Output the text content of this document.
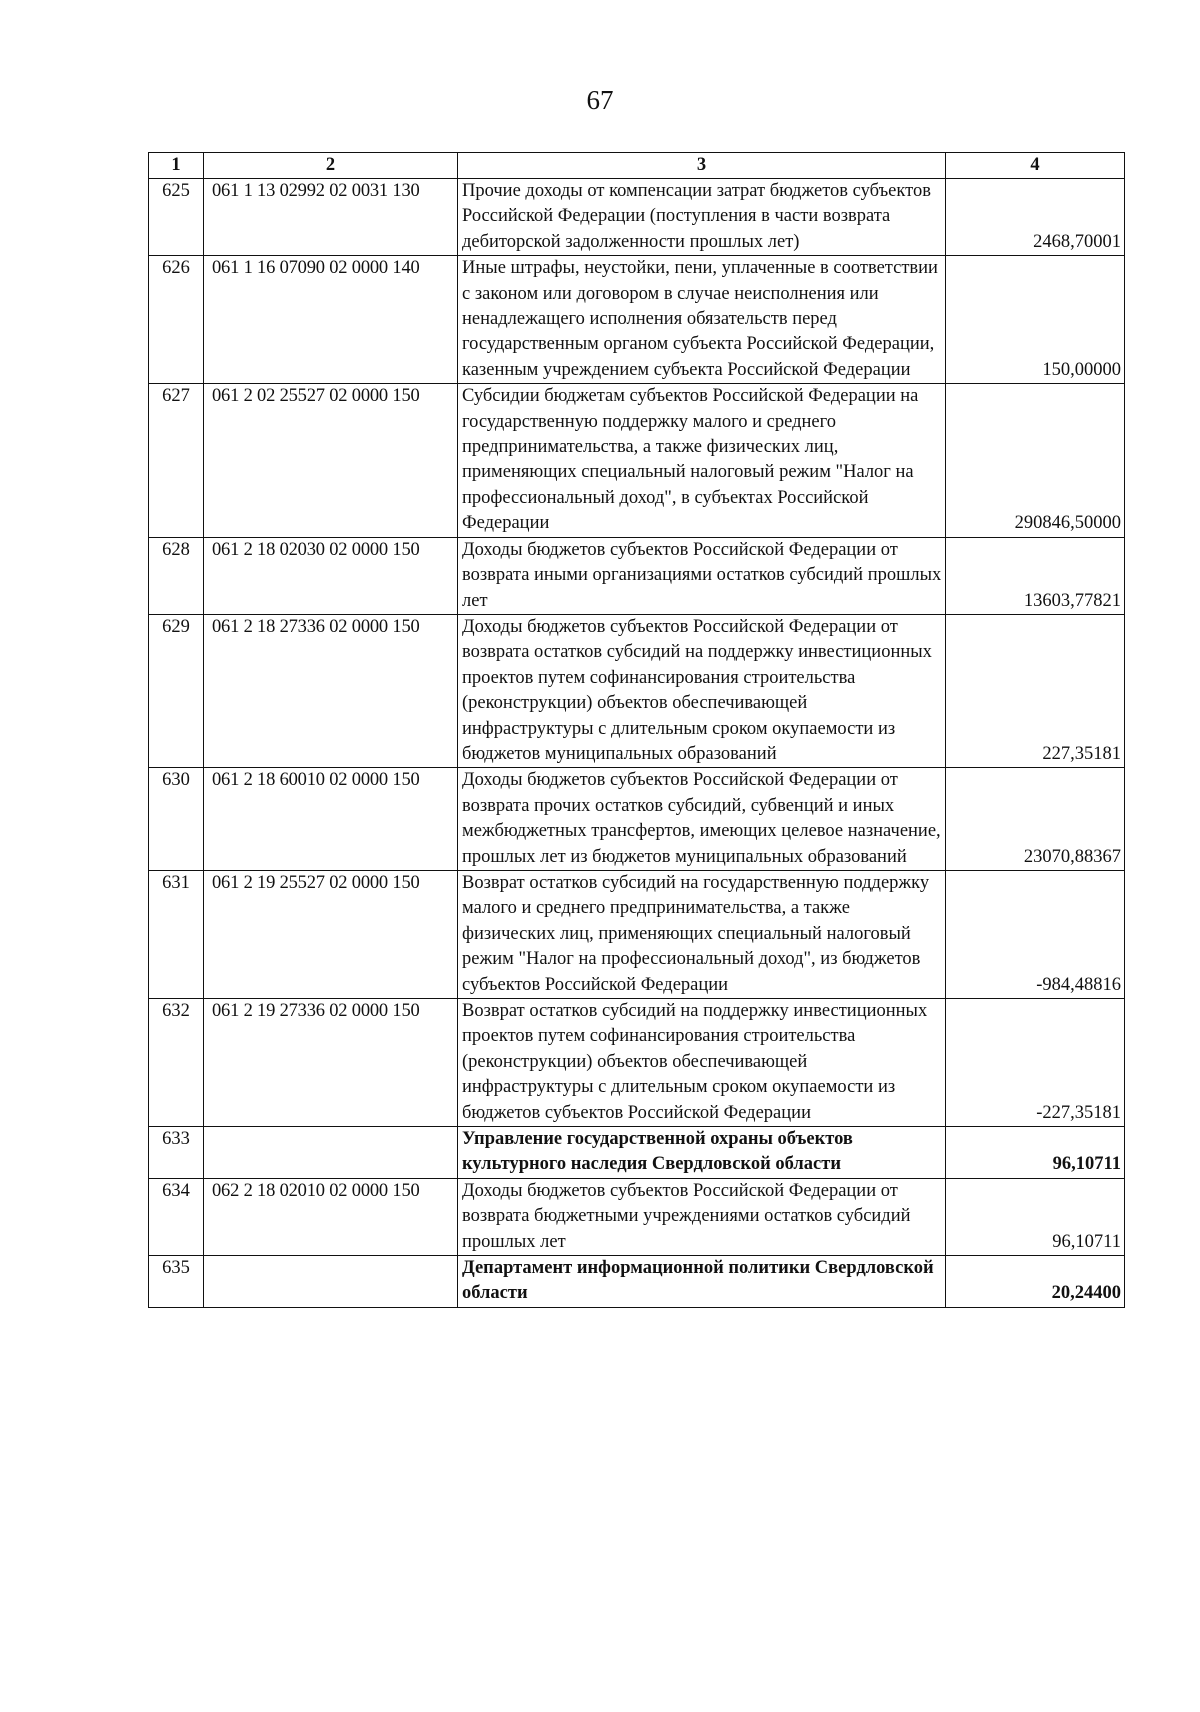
67
1	2	3	4
625	061 1 13 02992 02 0031 130	Прочие доходы от компенсации затрат бюджетов субъектов Российской Федерации (поступления в части возврата дебиторской задолженности прошлых лет)	2468,70001
626	061 1 16 07090 02 0000 140	Иные штрафы, неустойки, пени, уплаченные в соответствии с законом или договором в случае неисполнения или ненадлежащего исполнения обязательств перед государственным органом субъекта Российской Федерации, казенным учреждением субъекта Российской Федерации	150,00000
627	061 2 02 25527 02 0000 150	Субсидии бюджетам субъектов Российской Федерации на государственную поддержку малого и среднего предпринимательства, а также физических лиц, применяющих специальный налоговый режим "Налог на профессиональный доход", в субъектах Российской Федерации	290846,50000
628	061 2 18 02030 02 0000 150	Доходы бюджетов субъектов Российской Федерации от возврата иными организациями остатков субсидий прошлых лет	13603,77821
629	061 2 18 27336 02 0000 150	Доходы бюджетов субъектов Российской Федерации от возврата остатков субсидий на поддержку инвестиционных проектов путем софинансирования строительства (реконструкции) объектов обеспечивающей инфраструктуры с длительным сроком окупаемости из бюджетов муниципальных образований	227,35181
630	061 2 18 60010 02 0000 150	Доходы бюджетов субъектов Российской Федерации от возврата прочих остатков субсидий, субвенций и иных межбюджетных трансфертов, имеющих целевое назначение, прошлых лет из бюджетов муниципальных образований	23070,88367
631	061 2 19 25527 02 0000 150	Возврат остатков субсидий на государственную поддержку малого и среднего предпринимательства, а также физических лиц, применяющих специальный налоговый режим "Налог на профессиональный доход", из бюджетов субъектов Российской Федерации	-984,48816
632	061 2 19 27336 02 0000 150	Возврат остатков субсидий на поддержку инвестиционных проектов путем софинансирования строительства (реконструкции) объектов обеспечивающей инфраструктуры с длительным сроком окупаемости из бюджетов субъектов Российской Федерации	-227,35181
633		Управление государственной охраны объектов культурного наследия Свердловской области	96,10711
634	062 2 18 02010 02 0000 150	Доходы бюджетов субъектов Российской Федерации от возврата бюджетными учреждениями остатков субсидий прошлых лет	96,10711
635		Департамент информационной политики Свердловской области	20,24400
